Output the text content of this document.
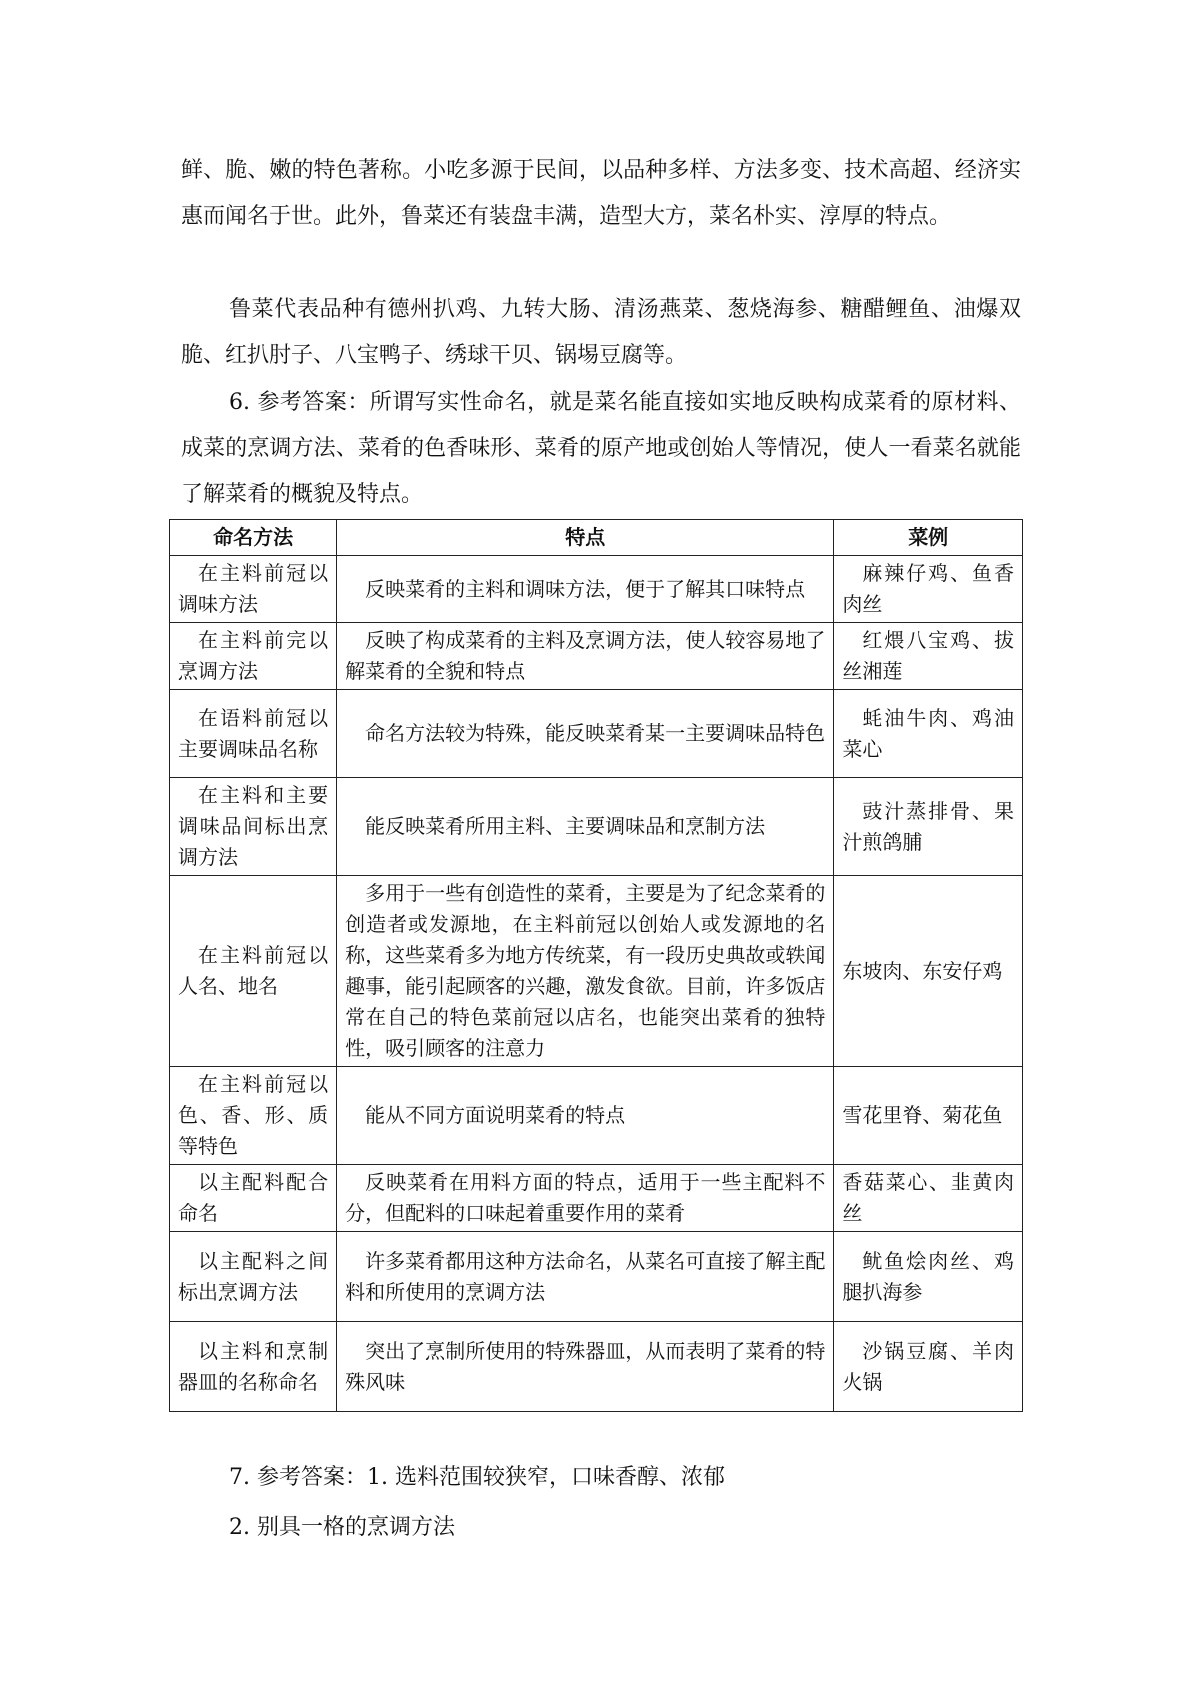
鲜、脆、嫩的特色著称。小吃多源于民间，以品种多样、方法多变、技术高超、经济实惠而闻名于世。此外，鲁菜还有装盘丰满，造型大方，菜名朴实、淳厚的特点。

鲁菜代表品种有德州扒鸡、九转大肠、清汤燕菜、葱烧海参、糖醋鲤鱼、油爆双脆、红扒肘子、八宝鸭子、绣球干贝、锅埸豆腐等。

6. 参考答案：所谓写实性命名，就是菜名能直接如实地反映构成菜肴的原材料、成菜的烹调方法、菜肴的色香味形、菜肴的原产地或创始人等情况，使人一看菜名就能了解菜肴的概貌及特点。

命名方法	特点	菜例
在主料前冠以调味方法	反映菜肴的主料和调味方法，便于了解其口味特点	麻辣仔鸡、鱼香肉丝
在主料前完以烹调方法	反映了构成菜肴的主料及烹调方法，使人较容易地了解菜肴的全貌和特点	红煨八宝鸡、拔丝湘莲
在语料前冠以主要调味品名称	命名方法较为特殊，能反映菜肴某一主要调味品特色	蚝油牛肉、鸡油菜心
在主料和主要调味品间标出烹调方法	能反映菜肴所用主料、主要调味品和烹制方法	豉汁蒸排骨、果汁煎鸽脯
在主料前冠以人名、地名	多用于一些有创造性的菜肴，主要是为了纪念菜肴的创造者或发源地，在主料前冠以创始人或发源地的名称，这些菜肴多为地方传统菜，有一段历史典故或轶闻趣事，能引起顾客的兴趣，激发食欲。目前，许多饭店常在自己的特色菜前冠以店名，也能突出菜肴的独特性，吸引顾客的注意力	东坡肉、东安仔鸡
在主料前冠以色、香、形、质等特色	能从不同方面说明菜肴的特点	雪花里脊、菊花鱼
以主配料配合 命名	反映菜肴在用料方面的特点，适用于一些主配料不分，但配料的口味起着重要作用的菜肴	香菇菜心、韭黄肉丝
以主配料之间标出烹调方法	许多菜肴都用这种方法命名，从菜名可直接了解主配料和所使用的烹调方法	鱿鱼烩肉丝、鸡腿扒海参
以主料和烹制器皿的名称命名	突出了烹制所使用的特殊器皿，从而表明了菜肴的特殊风味	沙锅豆腐、羊肉火锅

7. 参考答案：1. 选料范围较狭窄，口味香醇、浓郁

2. 别具一格的烹调方法
